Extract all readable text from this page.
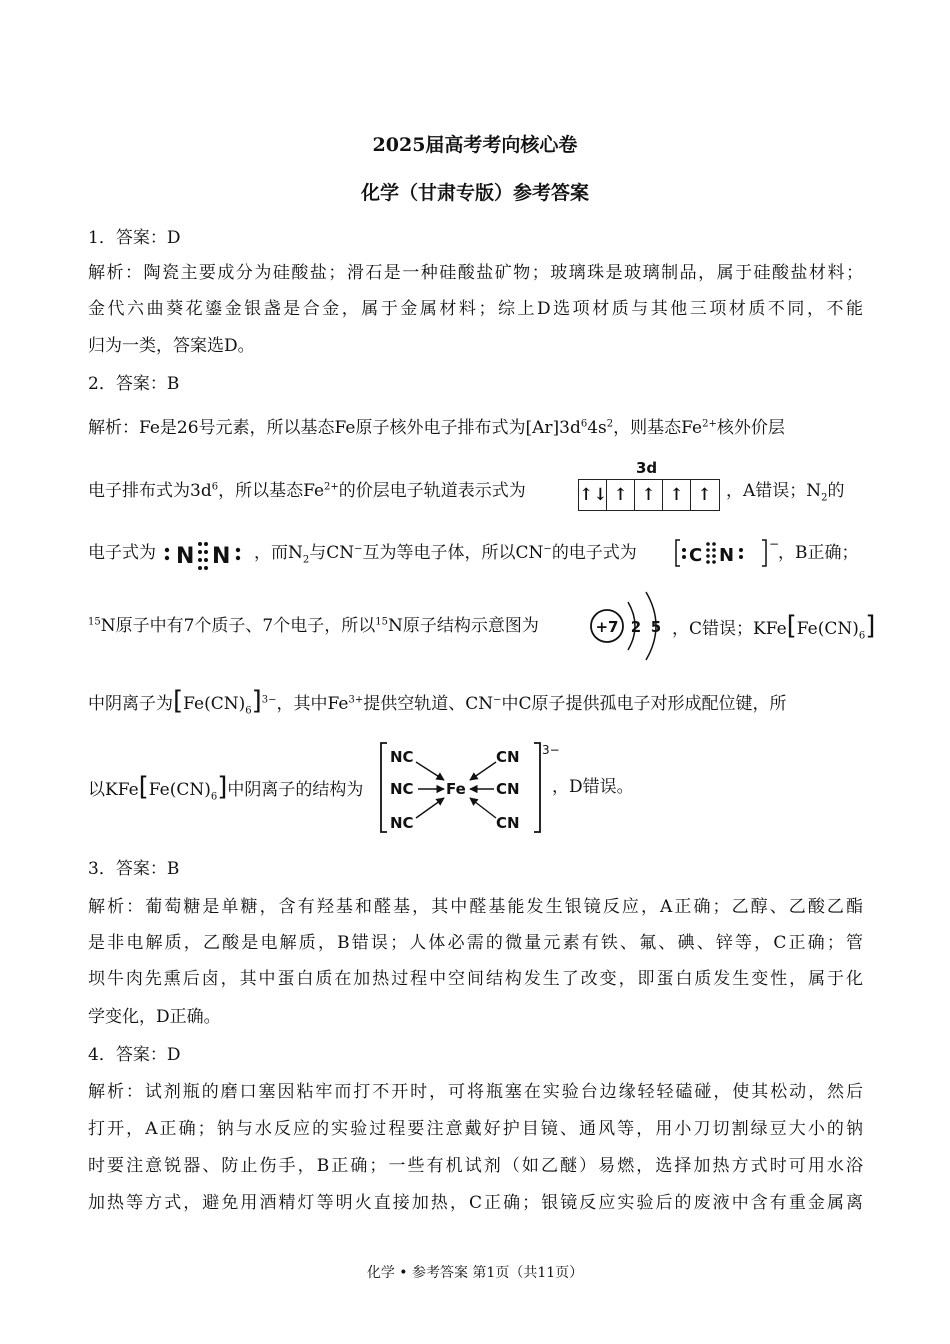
2025届高考考向核心卷
化学（甘肃专版）参考答案
1．答案：D
解析：陶瓷主要成分为硅酸盐；滑石是一种硅酸盐矿物；玻璃珠是玻璃制品，属于硅酸盐材料；
金代六曲葵花鎏金银盏是合金，属于金属材料；综上D选项材质与其他三项材质不同，不能
归为一类，答案选D。
2．答案：B
解析：Fe是26号元素，所以基态Fe原子核外电子排布式为$[Ar]3d^64s^2$，则基态$Fe^{2+}$核外价层
电子排布式为$3d^6$，所以基态$Fe^{2+}$的价层电子轨道表示式为
3d
↑↓ ↑ ↑ ↑ ↑ ，A错误；$N_2$的
电子式为 N N ，而$N_2$与CN−互为等电子体，所以CN−的电子式为	C N
−
，B正确；
$^{15}$N原子中有7个质子、7个电子，所以$^{15}$N原子结构示意图为	+7 2 5 ，C错误；$KFe[Fe(CN)_6]$
中阴离子为$[Fe(CN)_6]^{3-}$，其中$Fe^{3+}$提供空轨道、CN−中C原子提供孤电子对形成配位键，所
以$KFe[Fe(CN)_6]$中阴离子的结构为
NC
NC
NC
Fe
CN
CN
CN
3−
，D错误。
3．答案：B
解析：葡萄糖是单糖，含有羟基和醛基，其中醛基能发生银镜反应，A正确；乙醇、乙酸乙酯
是非电解质，乙酸是电解质，B错误；人体必需的微量元素有铁、氟、碘、锌等，C正确；管
坝牛肉先熏后卤，其中蛋白质在加热过程中空间结构发生了改变，即蛋白质发生变性，属于化
学变化，D正确。
4．答案：D
解析：试剂瓶的磨口塞因粘牢而打不开时，可将瓶塞在实验台边缘轻轻磕碰，使其松动，然后
打开，A正确；钠与水反应的实验过程要注意戴好护目镜、通风等，用小刀切割绿豆大小的钠
时要注意锐器、防止伤手，B正确；一些有机试剂（如乙醚）易燃，选择加热方式时可用水浴
加热等方式，避免用酒精灯等明火直接加热，C正确；银镜反应实验后的废液中含有重金属离
化学 • 参考答案 第1页（共11页）
